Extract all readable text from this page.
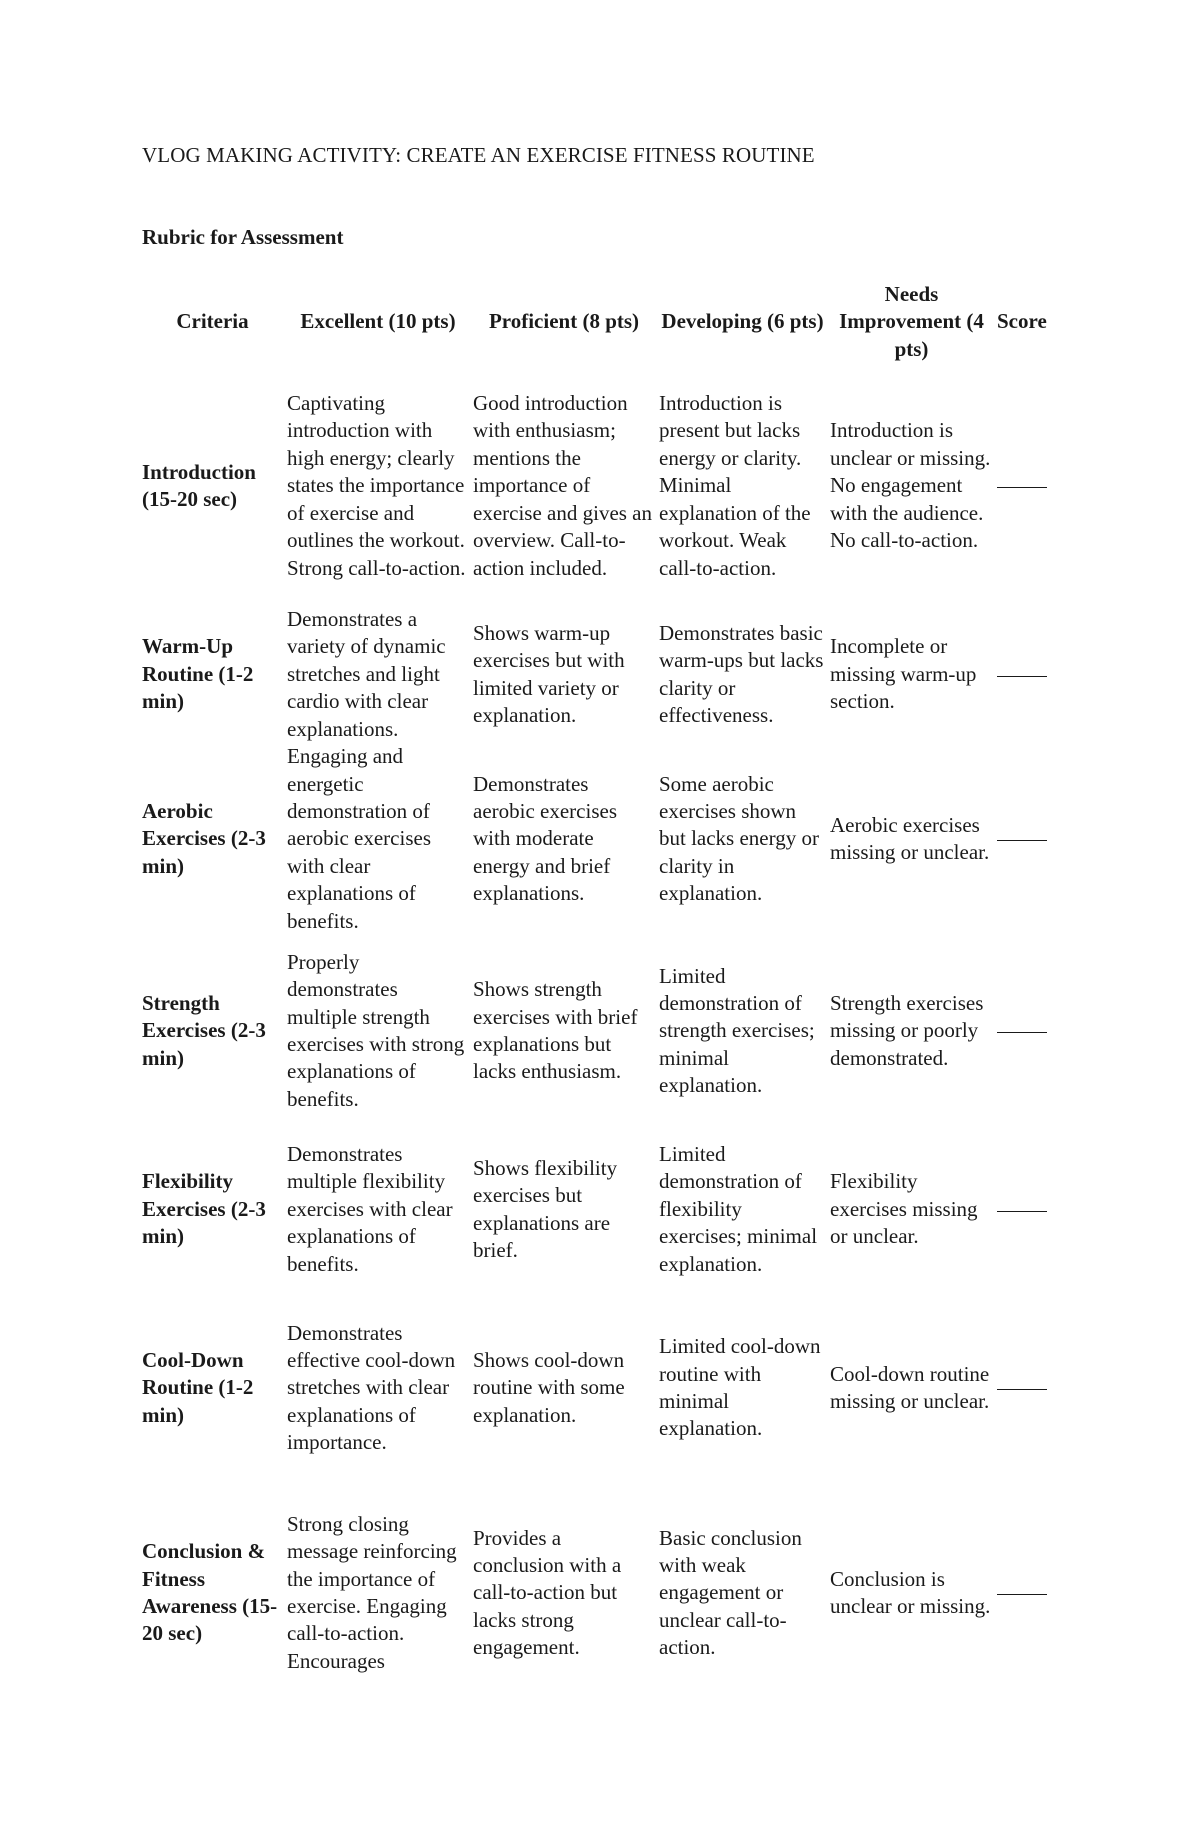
VLOG MAKING ACTIVITY: CREATE AN EXERCISE FITNESS ROUTINE
Rubric for Assessment
Criteria	Excellent (10 pts)	Proficient (8 pts)	Developing (6 pts)	Needs Improvement (4 pts)	Score
Introduction (15-20 sec)	Captivating introduction with high energy; clearly states the importance of exercise and outlines the workout. Strong call-to-action.	Good introduction with enthusiasm; mentions the importance of exercise and gives an overview. Call-to-action included.	Introduction is present but lacks energy or clarity. Minimal explanation of the workout. Weak call-to-action.	Introduction is unclear or missing. No engagement with the audience. No call-to-action.	
Warm-Up Routine (1-2 min)	Demonstrates a variety of dynamic stretches and light cardio with clear explanations.	Shows warm-up exercises but with limited variety or explanation.	Demonstrates basic warm-ups but lacks clarity or effectiveness.	Incomplete or missing warm-up section.	
Aerobic Exercises (2-3 min)	Engaging and energetic demonstration of aerobic exercises with clear explanations of benefits.	Demonstrates aerobic exercises with moderate energy and brief explanations.	Some aerobic exercises shown but lacks energy or clarity in explanation.	Aerobic exercises missing or unclear.	
Strength Exercises (2-3 min)	Properly demonstrates multiple strength exercises with strong explanations of benefits.	Shows strength exercises with brief explanations but lacks enthusiasm.	Limited demonstration of strength exercises; minimal explanation.	Strength exercises missing or poorly demonstrated.	
Flexibility Exercises (2-3 min)	Demonstrates multiple flexibility exercises with clear explanations of benefits.	Shows flexibility exercises but explanations are brief.	Limited demonstration of flexibility exercises; minimal explanation.	Flexibility exercises missing or unclear.	
Cool-Down Routine (1-2 min)	Demonstrates effective cool-down stretches with clear explanations of importance.	Shows cool-down routine with some explanation.	Limited cool-down routine with minimal explanation.	Cool-down routine missing or unclear.	
Conclusion & Fitness Awareness (15-20 sec)	Strong closing message reinforcing the importance of exercise. Engaging call-to-action. Encourages	Provides a conclusion with a call-to-action but lacks strong engagement.	Basic conclusion with weak engagement or unclear call-to-action.	Conclusion is unclear or missing.	
